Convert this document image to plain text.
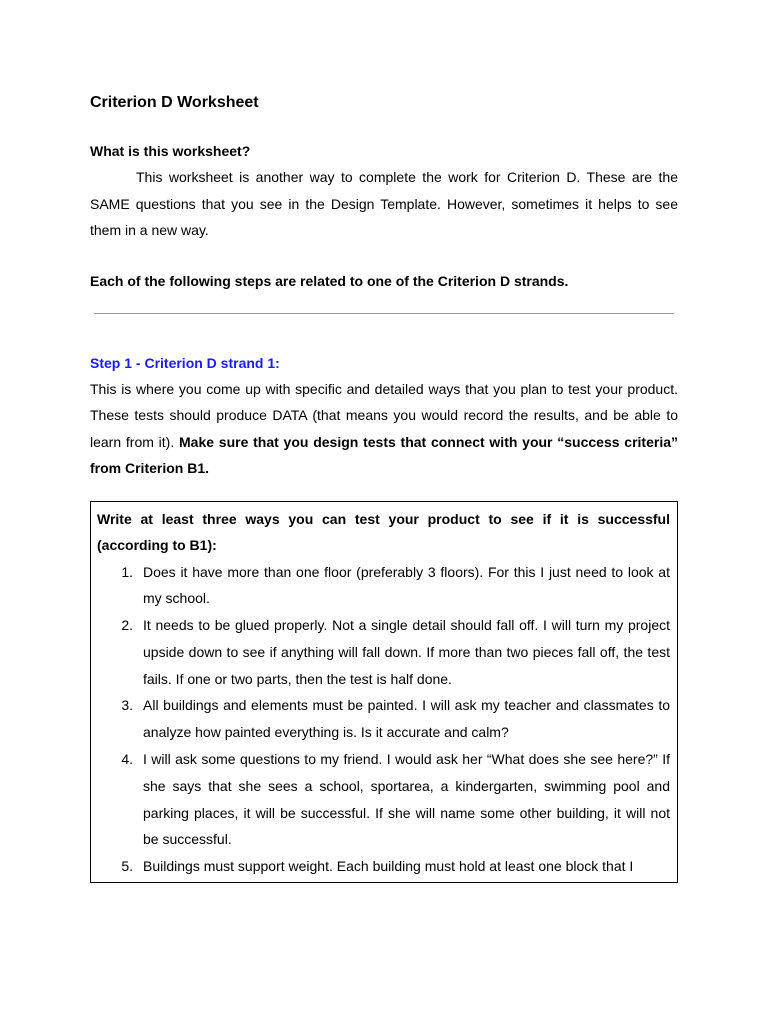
Criterion D Worksheet
What is this worksheet?

This worksheet is another way to complete the work for Criterion D. These are the SAME questions that you see in the Design Template. However, sometimes it helps to see them in a new way.

Each of the following steps are related to one of the Criterion D strands.

Step 1 - Criterion D strand 1:

This is where you come up with specific and detailed ways that you plan to test your product. These tests should produce DATA (that means you would record the results, and be able to learn from it). Make sure that you design tests that connect with your “success criteria” from Criterion B1.

Write at least three ways you can test your product to see if it is successful (according to B1):

1. Does it have more than one floor (preferably 3 floors). For this I just need to look at my school.
2. It needs to be glued properly. Not a single detail should fall off. I will turn my project upside down to see if anything will fall down. If more than two pieces fall off, the test fails. If one or two parts, then the test is half done.
3. All buildings and elements must be painted. I will ask my teacher and classmates to analyze how painted everything is. Is it accurate and calm?
4. I will ask some questions to my friend. I would ask her “What does she see here?” If she says that she sees a school, sportarea, a kindergarten, swimming pool and parking places, it will be successful. If she will name some other building, it will not be successful.
5. Buildings must support weight. Each building must hold at least one block that I
